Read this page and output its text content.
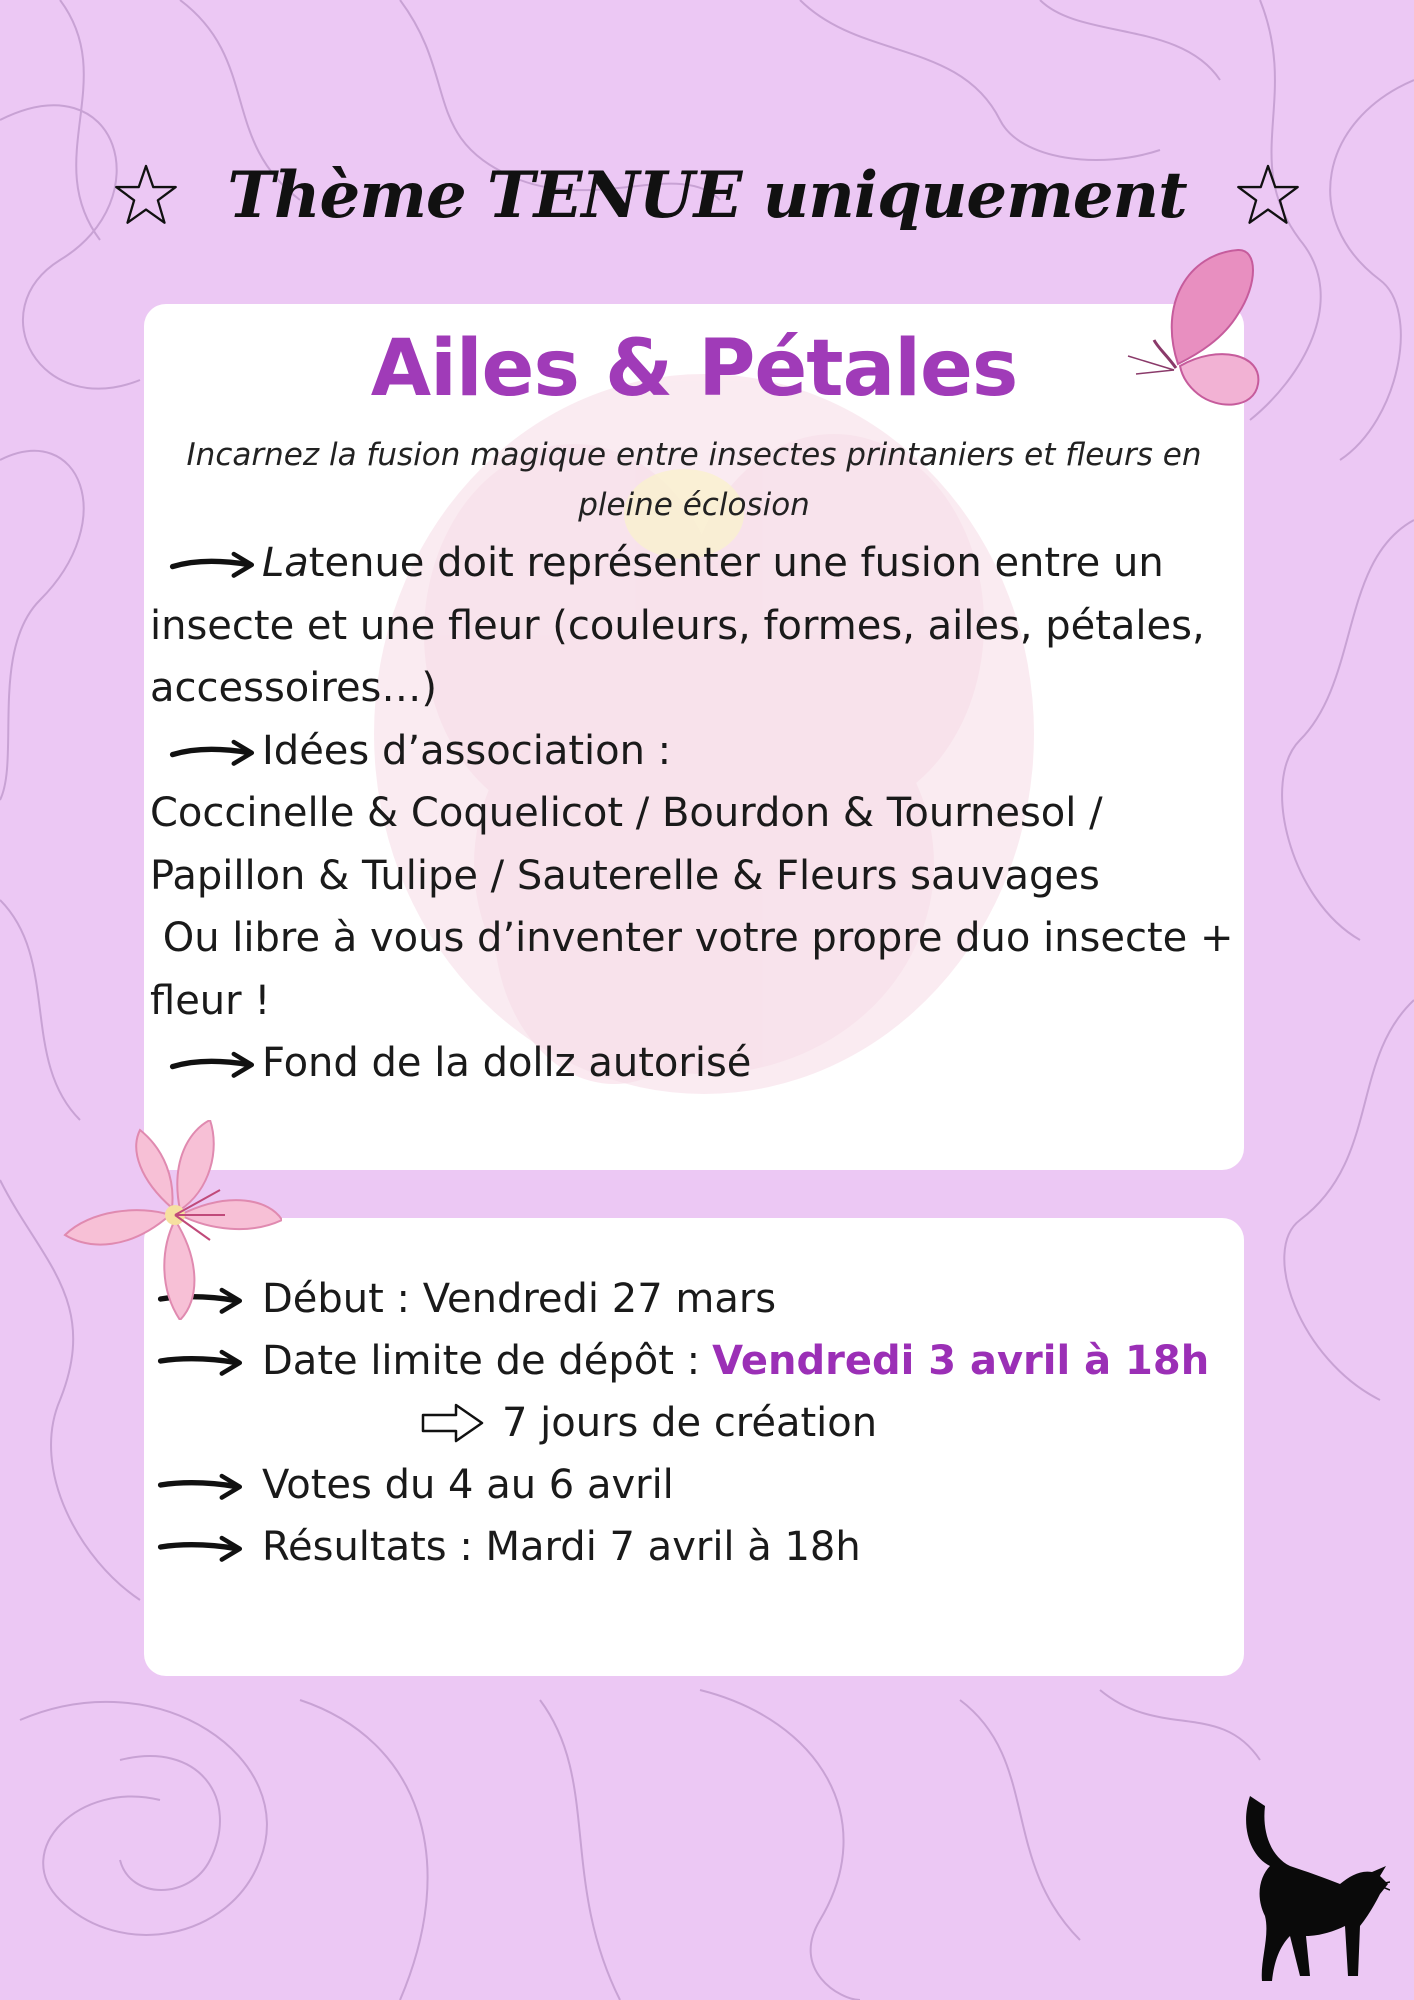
Thème TENUE uniquement
Ailes & Pétales
Incarnez la fusion magique entre insectes printaniers et fleurs en pleine éclosion
La tenue doit représenter une fusion entre un
insecte et une fleur (couleurs, formes, ailes, pétales,
accessoires…)
Idées d’association :
Coccinelle & Coquelicot / Bourdon & Tournesol /
Papillon & Tulipe / Sauterelle & Fleurs sauvages
Ou libre à vous d’inventer votre propre duo insecte +
fleur !
Fond de la dollz autorisé
Début : Vendredi 27 mars
Date limite de dépôt : Vendredi 3 avril à 18h
7 jours de création
Votes du 4 au 6 avril
Résultats : Mardi 7 avril à 18h
